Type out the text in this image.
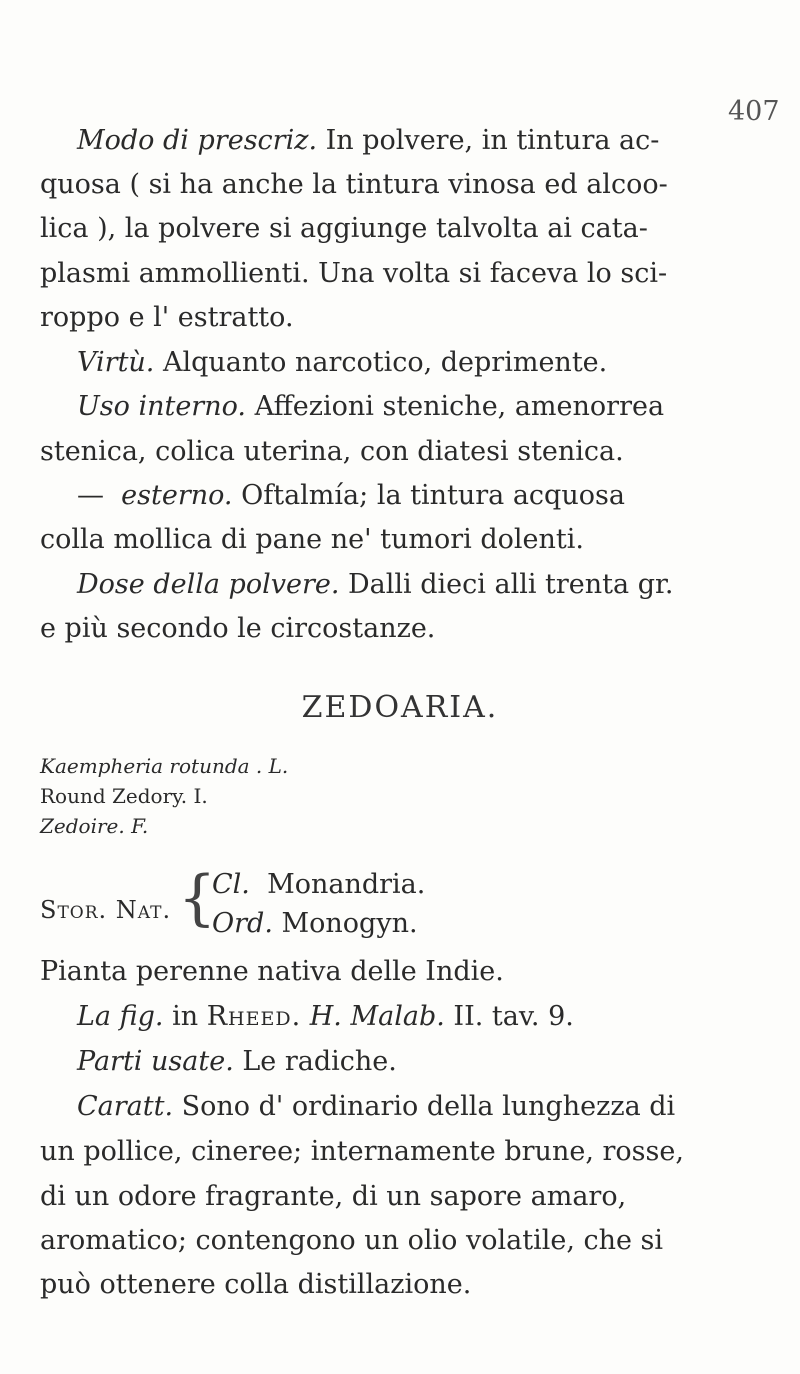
407
Modo di prescriz. In polvere, in tintura ac-
quosa ( si ha anche la tintura vinosa ed alcoo-
lica ), la polvere si aggiunge talvolta ai cata-
plasmi ammollienti. Una volta si faceva lo sci-
roppo e l' estratto.
Virtù. Alquanto narcotico, deprimente.
Uso interno. Affezioni steniche, amenorrea
stenica, colica uterina, con diatesi stenica.
— esterno. Oftalmía; la tintura acquosa
colla mollica di pane ne' tumori dolenti.
Dose della polvere. Dalli dieci alli trenta gr.
e più secondo le circostanze.
ZEDOARIA.
Kaempheria rotunda . L.
Round Zedory. I.
Zedoire. F.
Stor. Nat. {
Cl. Monandria.
Ord. Monogyn.
Pianta perenne nativa delle Indie.
La fig. in Rheed. H. Malab. II. tav. 9.
Parti usate. Le radiche.
Caratt. Sono d' ordinario della lunghezza di
un pollice, cineree; internamente brune, rosse,
di un odore fragrante, di un sapore amaro,
aromatico; contengono un olio volatile, che si
può ottenere colla distillazione.
